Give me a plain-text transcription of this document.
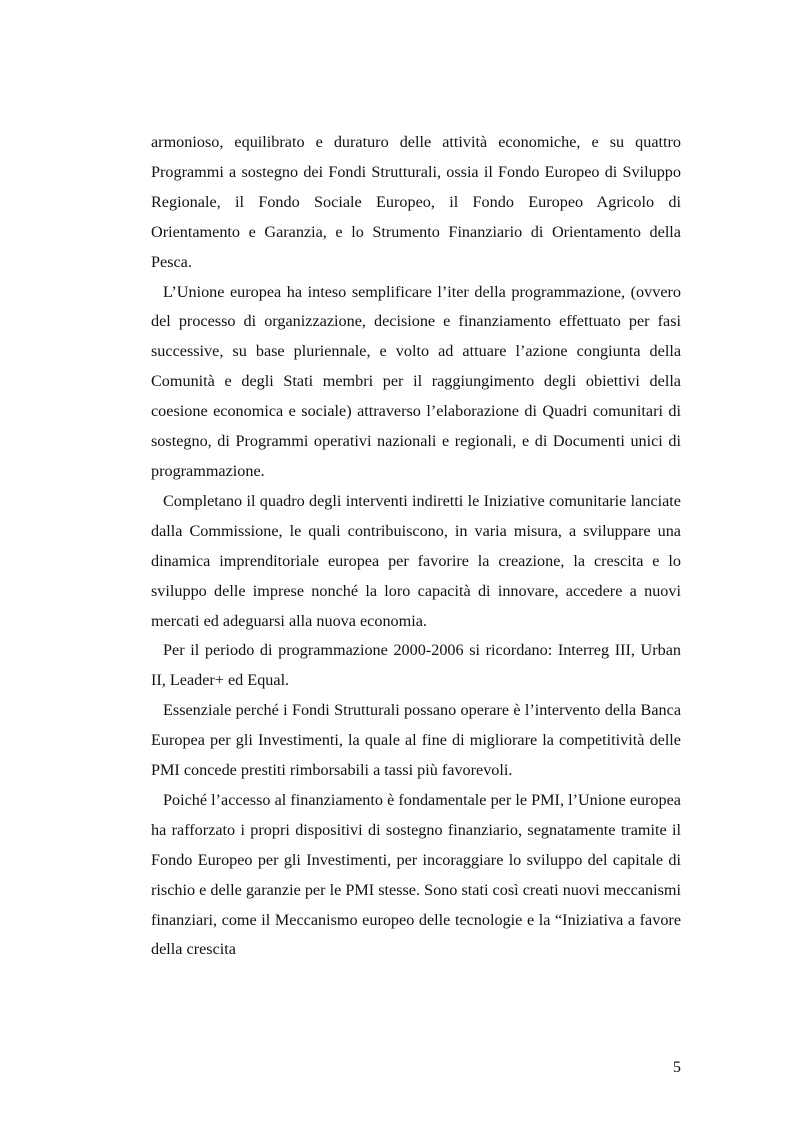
armonioso, equilibrato e duraturo delle attività economiche, e su quattro Programmi a sostegno dei Fondi Strutturali, ossia il Fondo Europeo di Sviluppo Regionale, il Fondo Sociale Europeo, il Fondo Europeo Agricolo di Orientamento e Garanzia, e lo Strumento Finanziario di Orientamento della Pesca.

L’Unione europea ha inteso semplificare l’iter della programmazione, (ovvero del processo di organizzazione, decisione e finanziamento effettuato per fasi successive, su base pluriennale, e volto ad attuare l’azione congiunta della Comunità e degli Stati membri per il raggiungimento degli obiettivi della coesione economica e sociale) attraverso l’elaborazione di Quadri comunitari di sostegno, di Programmi operativi nazionali e regionali, e di Documenti unici di programmazione.

Completano il quadro degli interventi indiretti le Iniziative comunitarie lanciate dalla Commissione, le quali contribuiscono, in varia misura, a sviluppare una dinamica imprenditoriale europea per favorire la creazione, la crescita e lo sviluppo delle imprese nonché la loro capacità di innovare, accedere a nuovi mercati ed adeguarsi alla nuova economia.

Per il periodo di programmazione 2000-2006 si ricordano: Interreg III, Urban II, Leader+ ed Equal.

Essenziale perché i Fondi Strutturali possano operare è l’intervento della Banca Europea per gli Investimenti, la quale al fine di migliorare la competitività delle PMI concede prestiti rimborsabili a tassi più favorevoli.

Poiché l’accesso al finanziamento è fondamentale per le PMI, l’Unione europea ha rafforzato i propri dispositivi di sostegno finanziario, segnatamente tramite il Fondo Europeo per gli Investimenti, per incoraggiare lo sviluppo del capitale di rischio e delle garanzie per le PMI stesse. Sono stati così creati nuovi meccanismi finanziari, come il Meccanismo europeo delle tecnologie e la “Iniziativa a favore della crescita

5
